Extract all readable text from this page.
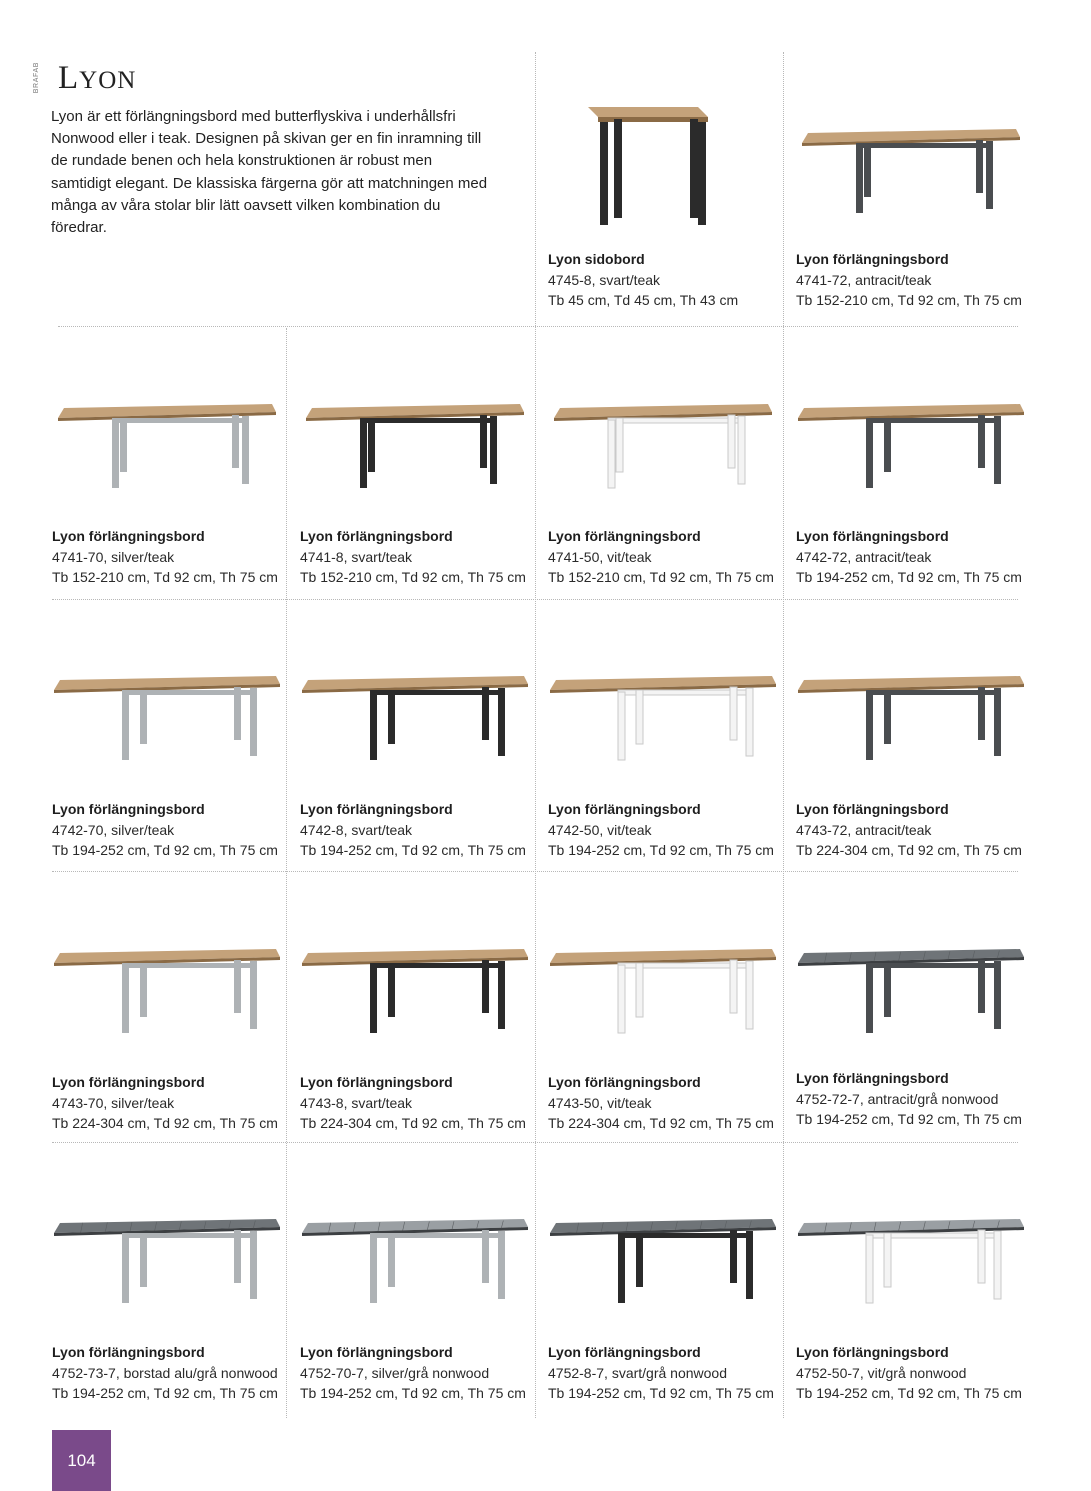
BRAFAB LYON

Lyon är ett förlängningsbord med butterflyskiva i underhållsfri Nonwood eller i teak. Designen på skivan ger en fin inramning till de rundade benen och hela konstruktionen är robust men samtidigt elegant. De klassiska färgerna gör att matchningen med många av våra stolar blir lätt oavsett vilken kombination du föredrar.

Lyon sidobord
4745-8, svart/teak
Tb 45 cm, Td 45 cm, Th 43 cm
Lyon förlängningsbord
4741-72, antracit/teak
Tb 152-210 cm, Td 92 cm, Th 75 cm
Lyon förlängningsbord
4741-70, silver/teak
Tb 152-210 cm, Td 92 cm, Th 75 cm
Lyon förlängningsbord
4741-8, svart/teak
Tb 152-210 cm, Td 92 cm, Th 75 cm
Lyon förlängningsbord
4741-50, vit/teak
Tb 152-210 cm, Td 92 cm, Th 75 cm
Lyon förlängningsbord
4742-72, antracit/teak
Tb 194-252 cm, Td 92 cm, Th 75 cm
Lyon förlängningsbord
4742-70, silver/teak
Tb 194-252 cm, Td 92 cm, Th 75 cm
Lyon förlängningsbord
4742-8, svart/teak
Tb 194-252 cm, Td 92 cm, Th 75 cm
Lyon förlängningsbord
4742-50, vit/teak
Tb 194-252 cm, Td 92 cm, Th 75 cm
Lyon förlängningsbord
4743-72, antracit/teak
Tb 224-304 cm, Td 92 cm, Th 75 cm
Lyon förlängningsbord
4743-70, silver/teak
Tb 224-304 cm, Td 92 cm, Th 75 cm
Lyon förlängningsbord
4743-8, svart/teak
Tb 224-304 cm, Td 92 cm, Th 75 cm
Lyon förlängningsbord
4743-50, vit/teak
Tb 224-304 cm, Td 92 cm, Th 75 cm
Lyon förlängningsbord
4752-72-7, antracit/grå nonwood
Tb 194-252 cm, Td 92 cm, Th 75 cm
Lyon förlängningsbord
4752-73-7, borstad alu/grå nonwood
Tb 194-252 cm, Td 92 cm, Th 75 cm
Lyon förlängningsbord
4752-70-7, silver/grå nonwood
Tb 194-252 cm, Td 92 cm, Th 75 cm
Lyon förlängningsbord
4752-8-7, svart/grå nonwood
Tb 194-252 cm, Td 92 cm, Th 75 cm
Lyon förlängningsbord
4752-50-7, vit/grå nonwood
Tb 194-252 cm, Td 92 cm, Th 75 cm
104
